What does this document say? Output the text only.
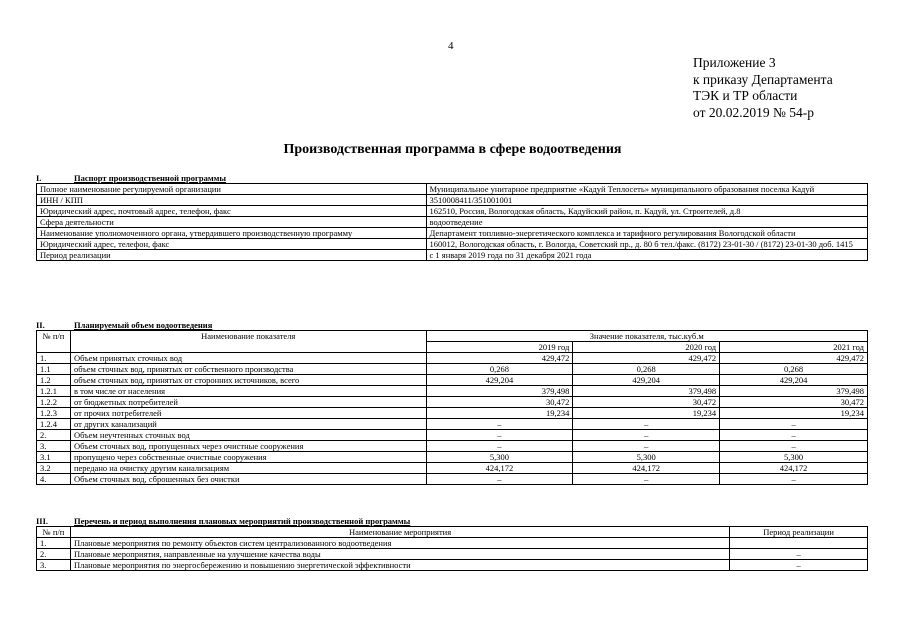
4
Приложение 3
к приказу Департамента
ТЭК и ТР области
от 20.02.2019 № 54-р
Производственная программа в сфере водоотведения
I.	Паспорт производственной программы
Полное наименование регулируемой организации	Муниципальное унитарное предприятие «Кадуй Теплосеть» муниципального образования поселка Кадуй
ИНН / КПП	3510008411/351001001
Юридический адрес, почтовый адрес, телефон, факс	162510, Россия, Вологодская область, Кадуйский район, п. Кадуй, ул. Строителей, д.8
Сфера деятельности	водоотведение
Наименование уполномоченного органа, утвердившего производственную программу	Департамент топливно-энергетического комплекса и тарифного регулирования Вологодской области
Юридический адрес, телефон, факс	160012, Вологодская область, г. Вологда, Советский пр., д. 80 б тел./факс. (8172) 23-01-30 / (8172) 23-01-30 доб. 1415
Период реализации	с 1 января 2019 года по 31 декабря 2021 года
II.	Планируемый объем водоотведения
№ п/п	Наименование показателя	Значение показателя, тыс.куб.м		
		2019 год	2020 год	2021 год
1.	Объем принятых сточных вод	429,472	429,472	429,472
1.1	объем сточных вод, принятых от собственного производства	0,268	0,268	0,268
1.2	объем сточных вод, принятых от сторонних источников, всего	429,204	429,204	429,204
1.2.1	в том числе от населения	379,498	379,498	379,498
1.2.2	от бюджетных потребителей	30,472	30,472	30,472
1.2.3	от прочих потребителей	19,234	19,234	19,234
1.2.4	от других канализаций	–	–	–
2.	Объем неучтенных сточных вод	–	–	–
3.	Объем сточных вод, пропущенных через очистные сооружения	–	–	–
3.1	пропущено через собственные очистные сооружения	5,300	5,300	5,300
3.2	передано на очистку другим канализациям	424,172	424,172	424,172
4.	Объем сточных вод, сброшенных без очистки	–	–	–
III.	Перечень и период выполнения плановых мероприятий производственной программы
№ п/п	Наименование мероприятия	Период реализации
1.	Плановые мероприятия по ремонту объектов систем централизованного водоотведения	
2.	Плановые мероприятия, направленные на улучшение качества воды	–
3.	Плановые мероприятия по энергосбережению и повышению энергетической эффективности	–
